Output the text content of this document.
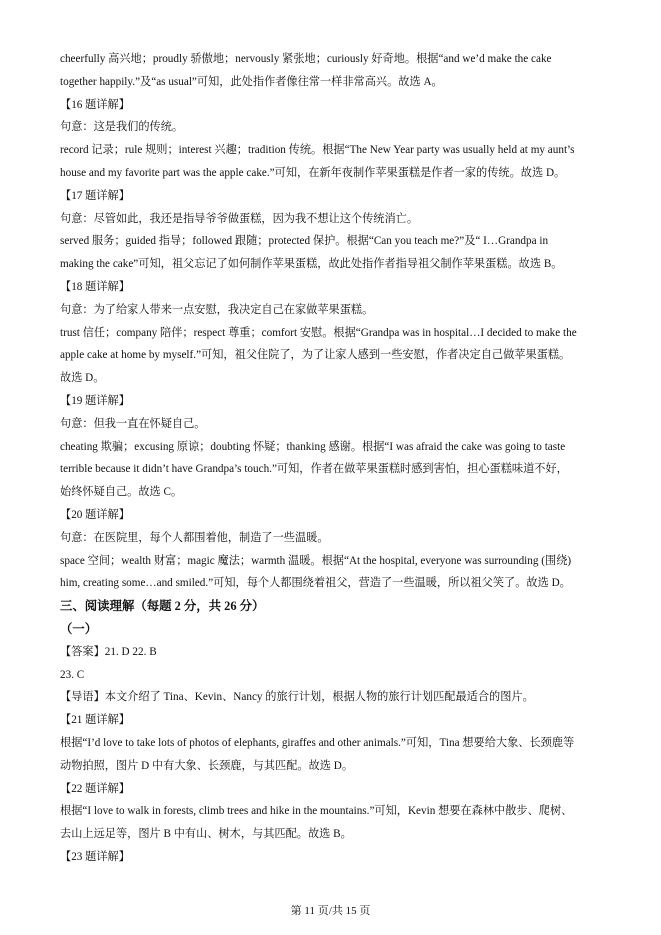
cheerfully 高兴地；proudly 骄傲地；nervously 紧张地；curiously 好奇地。根据“and we’d make the cake
together happily.”及“as usual”可知，此处指作者像往常一样非常高兴。故选 A。
【16 题详解】
句意：这是我们的传统。
record 记录；rule 规则；interest 兴趣；tradition 传统。根据“The New Year party was usually held at my aunt’s
house and my favorite part was the apple cake.”可知，在新年夜制作苹果蛋糕是作者一家的传统。故选 D。
【17 题详解】
句意：尽管如此，我还是指导爷爷做蛋糕，因为我不想让这个传统消亡。
served 服务；guided 指导；followed 跟随；protected 保护。根据“Can you teach me?”及“ I…Grandpa in
making the cake”可知，祖父忘记了如何制作苹果蛋糕，故此处指作者指导祖父制作苹果蛋糕。故选 B。
【18 题详解】
句意：为了给家人带来一点安慰，我决定自己在家做苹果蛋糕。
trust 信任；company 陪伴；respect 尊重；comfort 安慰。根据“Grandpa was in hospital…I decided to make the
apple cake at home by myself.”可知，祖父住院了，为了让家人感到一些安慰，作者决定自己做苹果蛋糕。
故选 D。
【19 题详解】
句意：但我一直在怀疑自己。
cheating 欺骗；excusing 原谅；doubting 怀疑；thanking 感谢。根据“I was afraid the cake was going to taste
terrible because it didn’t have Grandpa’s touch.”可知，作者在做苹果蛋糕时感到害怕，担心蛋糕味道不好，
始终怀疑自己。故选 C。
【20 题详解】
句意：在医院里，每个人都围着他，制造了一些温暖。
space 空间；wealth 财富；magic 魔法；warmth 温暖。根据“At the hospital, everyone was surrounding (围绕)
him, creating some…and smiled.”可知，每个人都围绕着祖父，营造了一些温暖，所以祖父笑了。故选 D。
三、阅读理解（每题 2 分，共 26 分）
（一）
【答案】21. D 22. B
23. C
【导语】本文介绍了 Tina、Kevin、Nancy 的旅行计划，根据人物的旅行计划匹配最适合的图片。
【21 题详解】
根据“I’d love to take lots of photos of elephants, giraffes and other animals.”可知，Tina 想要给大象、长颈鹿等
动物拍照，图片 D 中有大象、长颈鹿，与其匹配。故选 D。
【22 题详解】
根据“I love to walk in forests, climb trees and hike in the mountains.”可知，Kevin 想要在森林中散步、爬树、
去山上远足等，图片 B 中有山、树木，与其匹配。故选 B。
【23 题详解】
第 11 页/共 15 页
